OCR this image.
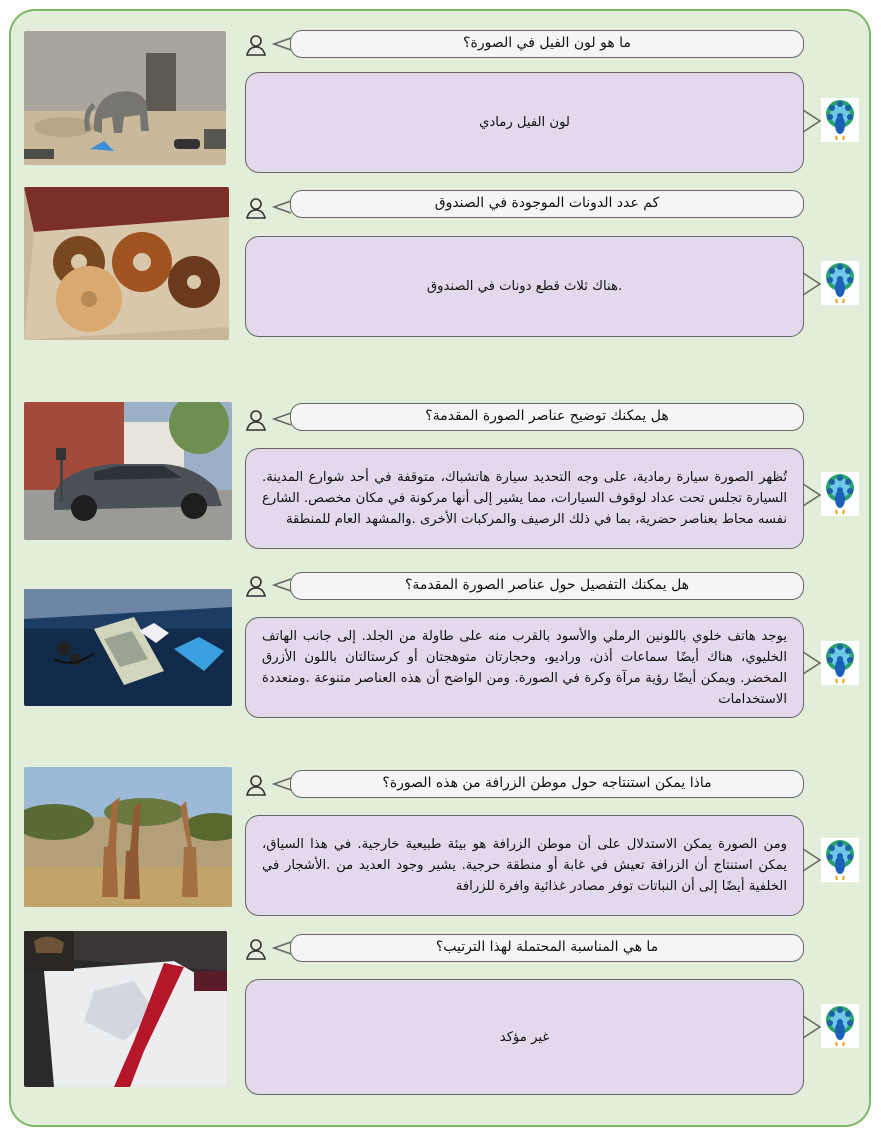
ما هو لون الفيل في الصورة؟
لون الفيل رمادي
كم عدد الدونات الموجودة في الصندوق
.هناك ثلاث قطع دونات في الصندوق
هل يمكنك توضيح عناصر الصورة المقدمة؟
تُظهر الصورة سيارة رمادية، على وجه التحديد سيارة هاتشباك، متوقفة في أحد شوارع المدينة. السيارة تجلس تحت عداد لوقوف السيارات، مما يشير إلى أنها مركونة في مكان مخصص. الشارع نفسه محاط بعناصر حضرية، بما في ذلك الرصيف والمركبات الأخرى .والمشهد العام للمنطقة
هل يمكنك التفصيل حول عناصر الصورة المقدمة؟
يوجد هاتف خلوي باللونين الرملي والأسود بالقرب منه على طاولة من الجلد. إلى جانب الهاتف الخليوي، هناك أيضًا سماعات أذن، وراديو، وحجارتان متوهجتان أو كرستالتان باللون الأزرق المخضر. ويمكن أيضًا رؤية مرآة وكرة في الصورة. ومن الواضح أن هذه العناصر متنوعة .ومتعددة الاستخدامات
ماذا يمكن استنتاجه حول موطن الزرافة من هذه الصورة؟
ومن الصورة يمكن الاستدلال على أن موطن الزرافة هو بيئة طبيعية خارجية. في هذا السياق، يمكن استنتاج أن الزرافة تعيش في غابة أو منطقة حرجية. يشير وجود العديد من .الأشجار في الخلفية أيضًا إلى أن النباتات توفر مصادر غذائية وافرة للزرافة
ما هي المناسبة المحتملة لهذا الترتيب؟
غير مؤكد
